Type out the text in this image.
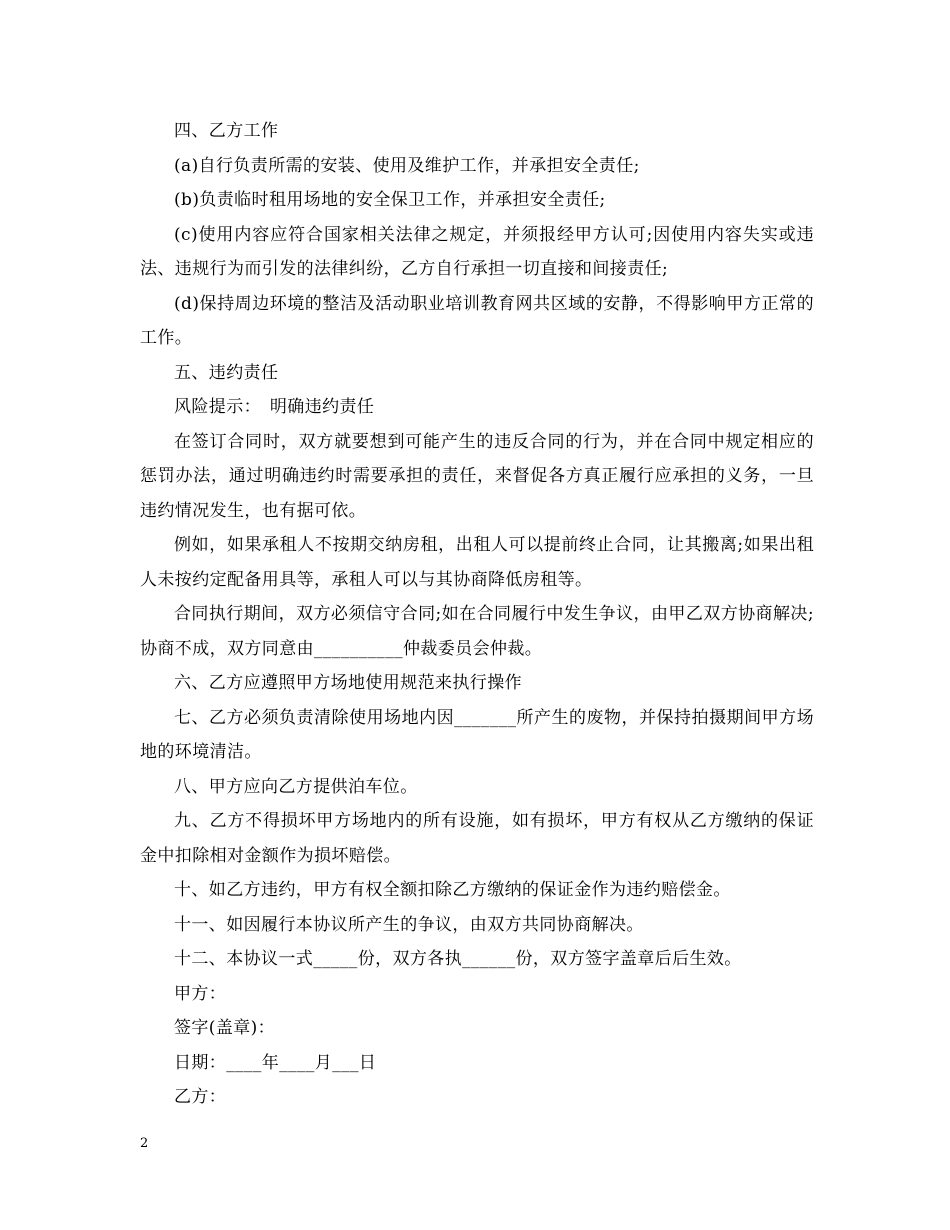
四、乙方工作

(a)自行负责所需的安装、使用及维护工作，并承担安全责任;

(b)负责临时租用场地的安全保卫工作，并承担安全责任;

(c)使用内容应符合国家相关法律之规定，并须报经甲方认可;因使用内容失实或违法、违规行为而引发的法律纠纷，乙方自行承担一切直接和间接责任;

(d)保持周边环境的整洁及活动职业培训教育网共区域的安静，不得影响甲方正常的工作。

五、违约责任

风险提示：　明确违约责任

在签订合同时，双方就要想到可能产生的违反合同的行为，并在合同中规定相应的惩罚办法，通过明确违约时需要承担的责任，来督促各方真正履行应承担的义务，一旦违约情况发生，也有据可依。

例如，如果承租人不按期交纳房租，出租人可以提前终止合同，让其搬离;如果出租人未按约定配备用具等，承租人可以与其协商降低房租等。

合同执行期间，双方必须信守合同;如在合同履行中发生争议，由甲乙双方协商解决;协商不成，双方同意由__________仲裁委员会仲裁。

六、乙方应遵照甲方场地使用规范来执行操作

七、乙方必须负责清除使用场地内因_______所产生的废物，并保持拍摄期间甲方场地的环境清洁。

八、甲方应向乙方提供泊车位。

九、乙方不得损坏甲方场地内的所有设施，如有损坏，甲方有权从乙方缴纳的保证金中扣除相对金额作为损坏赔偿。

十、如乙方违约，甲方有权全额扣除乙方缴纳的保证金作为违约赔偿金。

十一、如因履行本协议所产生的争议，由双方共同协商解决。

十二、本协议一式_____份，双方各执______份，双方签字盖章后后生效。

甲方：

签字(盖章)：

日期：____年____月___日

乙方：

2
